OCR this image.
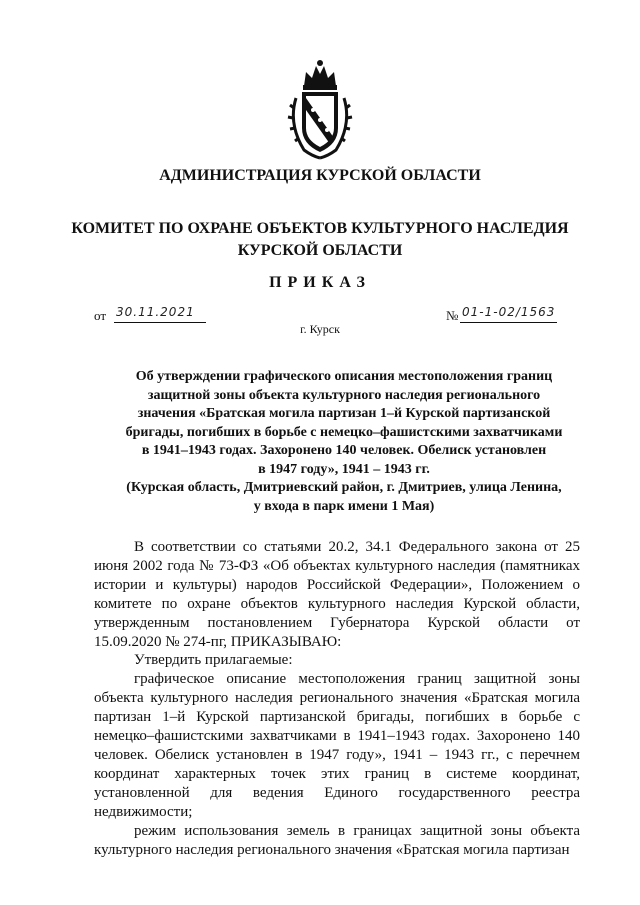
АДМИНИСТРАЦИЯ КУРСКОЙ ОБЛАСТИ
КОМИТЕТ ПО ОХРАНЕ ОБЪЕКТОВ КУЛЬТУРНОГО НАСЛЕДИЯ
КУРСКОЙ ОБЛАСТИ
ПРИКАЗ
от 30.11.2021	№ 01-1-02/1563
г. Курск
Об утверждении графического описания местоположения границ
защитной зоны объекта культурного наследия регионального
значения «Братская могила партизан 1–й Курской партизанской
бригады, погибших в борьбе с немецко–фашистскими захватчиками
в 1941–1943 годах. Захоронено 140 человек. Обелиск установлен
в 1947 году», 1941 – 1943 гг.
(Курская область, Дмитриевский район, г. Дмитриев, улица Ленина,
у входа в парк имени 1 Мая)

В соответствии со статьями 20.2, 34.1 Федерального закона от 25 июня 2002 года № 73-ФЗ «Об объектах культурного наследия (памятниках истории и культуры) народов Российской Федерации», Положением о комитете по охране объектов культурного наследия Курской области, утвержденным постановлением Губернатора Курской области от 15.09.2020 № 274-пг, ПРИКАЗЫВАЮ:

Утвердить прилагаемые:

графическое описание местоположения границ защитной зоны объекта культурного наследия регионального значения «Братская могила партизан 1–й Курской партизанской бригады, погибших в борьбе с немецко–фашистскими захватчиками в 1941–1943 годах. Захоронено 140 человек. Обелиск установлен в 1947 году», 1941 – 1943 гг., с перечнем координат характерных точек этих границ в системе координат, установленной для ведения Единого государственного реестра недвижимости;

режим использования земель в границах защитной зоны объекта культурного наследия регионального значения «Братская могила партизан
